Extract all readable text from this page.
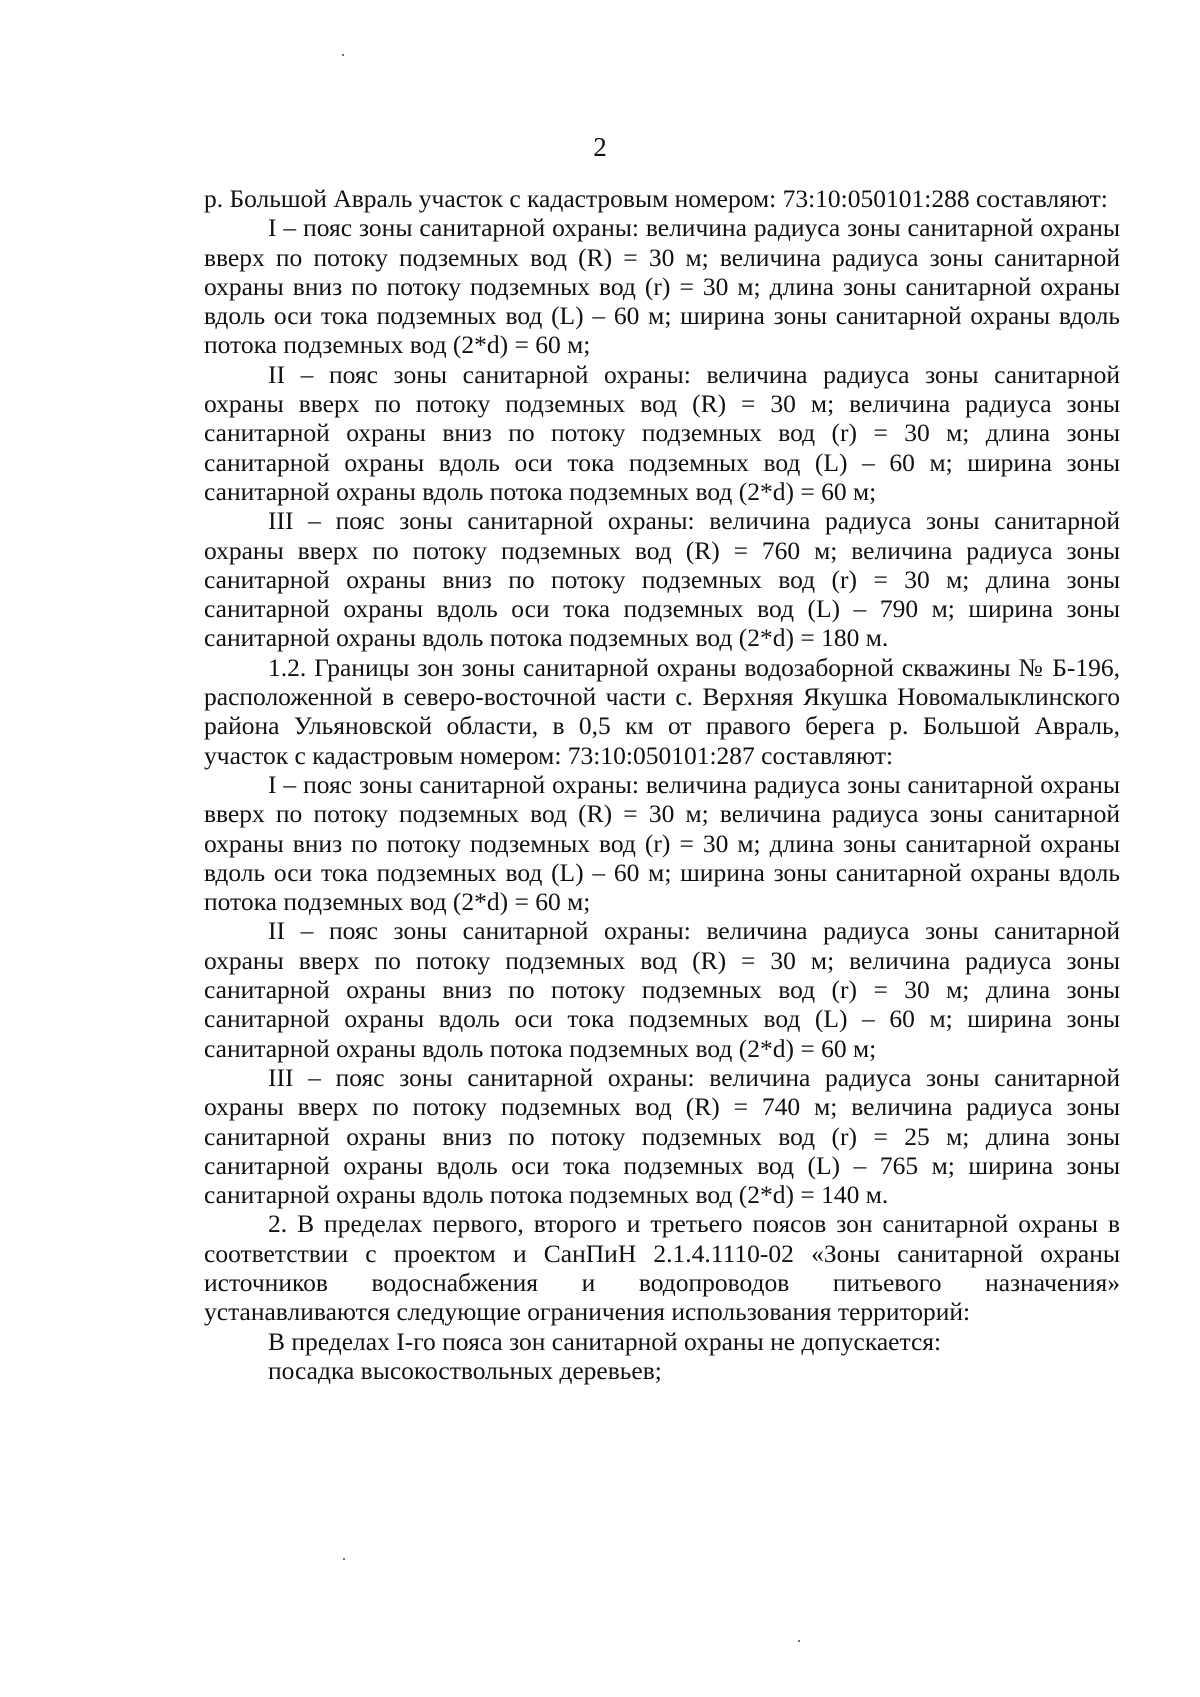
2

р. Большой Авраль участок с кадастровым номером: 73:10:050101:288 составляют:

I – пояс зоны санитарной охраны: величина радиуса зоны санитарной охраны вверх по потоку подземных вод (R) = 30 м; величина радиуса зоны санитарной охраны вниз по потоку подземных вод (r) = 30 м; длина зоны санитарной охраны вдоль оси тока подземных вод (L) – 60 м; ширина зоны санитарной охраны вдоль потока подземных вод (2*d) = 60 м;

II – пояс зоны санитарной охраны: величина радиуса зоны санитарной охраны вверх по потоку подземных вод (R) = 30 м; величина радиуса зоны санитарной охраны вниз по потоку подземных вод (r) = 30 м; длина зоны санитарной охраны вдоль оси тока подземных вод (L) – 60 м; ширина зоны санитарной охраны вдоль потока подземных вод (2*d) = 60 м;

III – пояс зоны санитарной охраны: величина радиуса зоны санитарной охраны вверх по потоку подземных вод (R) = 760 м; величина радиуса зоны санитарной охраны вниз по потоку подземных вод (r) = 30 м; длина зоны санитарной охраны вдоль оси тока подземных вод (L) – 790 м; ширина зоны санитарной охраны вдоль потока подземных вод (2*d) = 180 м.

1.2. Границы зон зоны санитарной охраны водозаборной скважины № Б-196, расположенной в северо-восточной части с. Верхняя Якушка Новомалыклинского района Ульяновской области, в 0,5 км от правого берега р. Большой Авраль, участок с кадастровым номером: 73:10:050101:287 составляют:

I – пояс зоны санитарной охраны: величина радиуса зоны санитарной охраны вверх по потоку подземных вод (R) = 30 м; величина радиуса зоны санитарной охраны вниз по потоку подземных вод (r) = 30 м; длина зоны санитарной охраны вдоль оси тока подземных вод (L) – 60 м; ширина зоны санитарной охраны вдоль потока подземных вод (2*d) = 60 м;

II – пояс зоны санитарной охраны: величина радиуса зоны санитарной охраны вверх по потоку подземных вод (R) = 30 м; величина радиуса зоны санитарной охраны вниз по потоку подземных вод (r) = 30 м; длина зоны санитарной охраны вдоль оси тока подземных вод (L) – 60 м; ширина зоны санитарной охраны вдоль потока подземных вод (2*d) = 60 м;

III – пояс зоны санитарной охраны: величина радиуса зоны санитарной охраны вверх по потоку подземных вод (R) = 740 м; величина радиуса зоны санитарной охраны вниз по потоку подземных вод (r) = 25 м; длина зоны санитарной охраны вдоль оси тока подземных вод (L) – 765 м; ширина зоны санитарной охраны вдоль потока подземных вод (2*d) = 140 м.

2. В пределах первого, второго и третьего поясов зон санитарной охраны в соответствии с проектом и СанПиН 2.1.4.1110-02 «Зоны санитарной охраны источников водоснабжения и водопроводов питьевого назначения» устанавливаются следующие ограничения использования территорий:

В пределах I-го пояса зон санитарной охраны не допускается:

посадка высокоствольных деревьев;
